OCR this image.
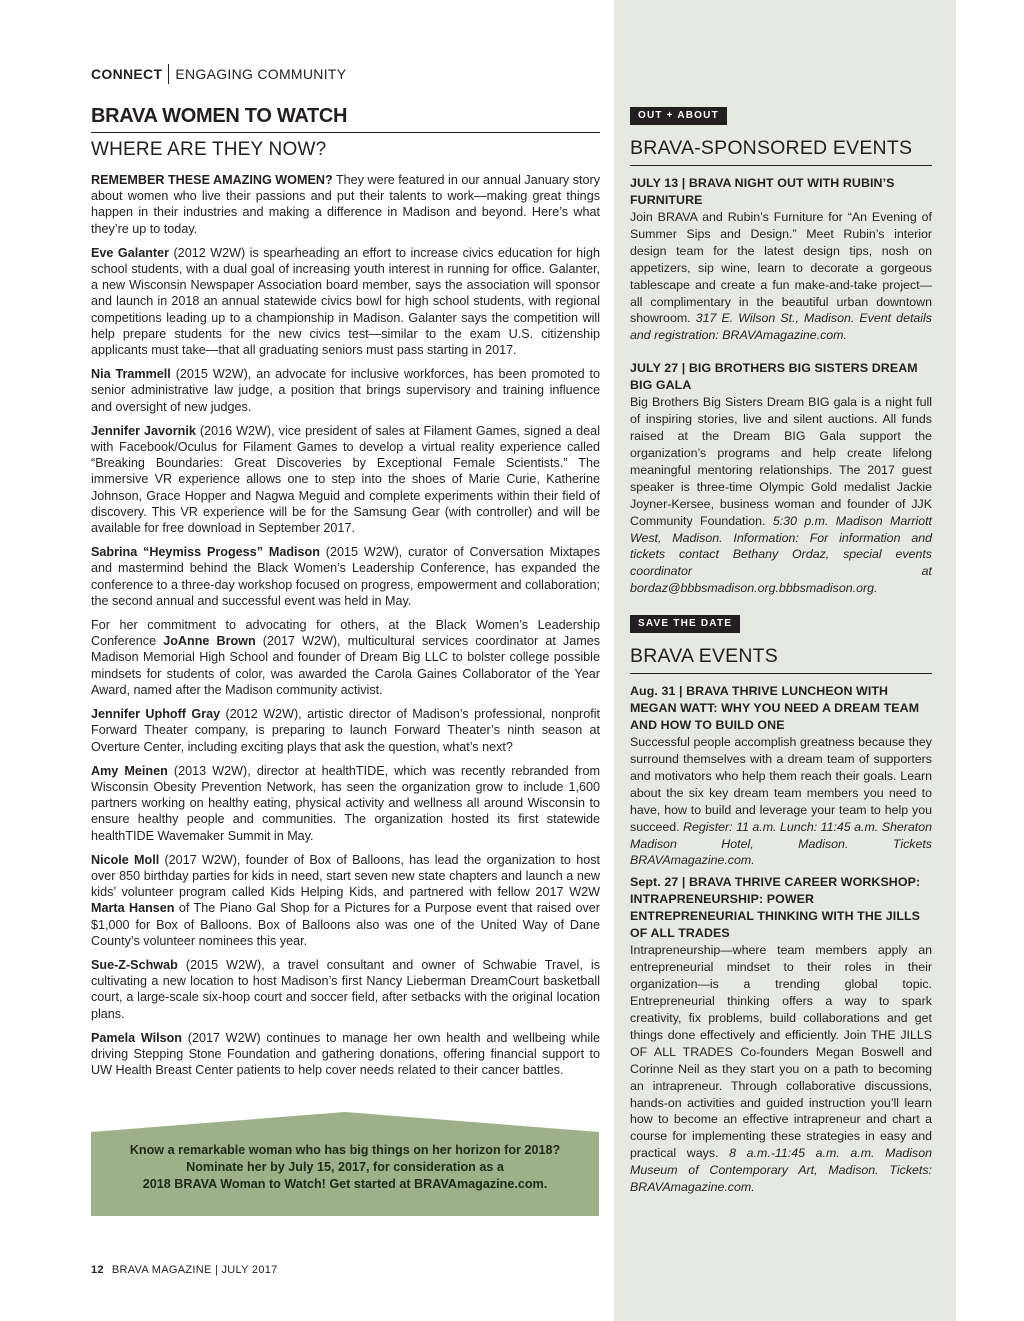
CONNECT ENGAGING COMMUNITY
BRAVA WOMEN TO WATCH
WHERE ARE THEY NOW?

REMEMBER THESE AMAZING WOMEN? They were featured in our annual January story about women who live their passions and put their talents to work—making great things happen in their industries and making a difference in Madison and beyond. Here’s what they’re up to today.

Eve Galanter (2012 W2W) is spearheading an effort to increase civics education for high school students, with a dual goal of increasing youth interest in running for office. Galanter, a new Wisconsin Newspaper Association board member, says the association will sponsor and launch in 2018 an annual statewide civics bowl for high school students, with regional competitions leading up to a championship in Madison. Galanter says the competition will help prepare students for the new civics test—similar to the exam U.S. citizenship applicants must take—that all graduating seniors must pass starting in 2017.

Nia Trammell (2015 W2W), an advocate for inclusive workforces, has been promoted to senior administrative law judge, a position that brings supervisory and training influence and oversight of new judges.

Jennifer Javornik (2016 W2W), vice president of sales at Filament Games, signed a deal with Facebook/Oculus for Filament Games to develop a virtual reality experience called “Breaking Boundaries: Great Discoveries by Exceptional Female Scientists.” The immersive VR experience allows one to step into the shoes of Marie Curie, Katherine Johnson, Grace Hopper and Nagwa Meguid and complete experiments within their field of discovery. This VR experience will be for the Samsung Gear (with controller) and will be available for free download in September 2017.

Sabrina “Heymiss Progess” Madison (2015 W2W), curator of Conversation Mixtapes and mastermind behind the Black Women’s Leadership Conference, has expanded the conference to a three-day workshop focused on progress, empowerment and collaboration; the second annual and successful event was held in May.

For her commitment to advocating for others, at the Black Women’s Leadership Conference JoAnne Brown (2017 W2W), multicultural services coordinator at James Madison Memorial High School and founder of Dream Big LLC to bolster college possible mindsets for students of color, was awarded the Carola Gaines Collaborator of the Year Award, named after the Madison community activist.

Jennifer Uphoff Gray (2012 W2W), artistic director of Madison’s professional, nonprofit Forward Theater company, is preparing to launch Forward Theater’s ninth season at Overture Center, including exciting plays that ask the question, what’s next?

Amy Meinen (2013 W2W), director at healthTIDE, which was recently rebranded from Wisconsin Obesity Prevention Network, has seen the organization grow to include 1,600 partners working on healthy eating, physical activity and wellness all around Wisconsin to ensure healthy people and communities. The organization hosted its first statewide healthTIDE Wavemaker Summit in May.

Nicole Moll (2017 W2W), founder of Box of Balloons, has lead the organization to host over 850 birthday parties for kids in need, start seven new state chapters and launch a new kids’ volunteer program called Kids Helping Kids, and partnered with fellow 2017 W2W Marta Hansen of The Piano Gal Shop for a Pictures for a Purpose event that raised over $1,000 for Box of Balloons. Box of Balloons also was one of the United Way of Dane County’s volunteer nominees this year.

Sue-Z-Schwab (2015 W2W), a travel consultant and owner of Schwabie Travel, is cultivating a new location to host Madison’s first Nancy Lieberman DreamCourt basketball court, a large-scale six-hoop court and soccer field, after setbacks with the original location plans.

Pamela Wilson (2017 W2W) continues to manage her own health and wellbeing while driving Stepping Stone Foundation and gathering donations, offering financial support to UW Health Breast Center patients to help cover needs related to their cancer battles.

Know a remarkable woman who has big things on her horizon for 2018?
Nominate her by July 15, 2017, for consideration as a
2018 BRAVA Woman to Watch! Get started at BRAVAmagazine.com.
12 BRAVA MAGAZINE | JULY 2017
OUT + ABOUT
BRAVA-SPONSORED EVENTS
JULY 13 | BRAVA NIGHT OUT WITH RUBIN’S FURNITURE
Join BRAVA and Rubin’s Furniture for “An Evening of Summer Sips and Design.” Meet Rubin’s interior design team for the latest design tips, nosh on appetizers, sip wine, learn to decorate a gorgeous tablescape and create a fun make-and-take project—all complimentary in the beautiful urban downtown showroom. 317 E. Wilson St., Madison. Event details and registration: BRAVAmagazine.com.
JULY 27 | BIG BROTHERS BIG SISTERS DREAM BIG GALA
Big Brothers Big Sisters Dream BIG gala is a night full of inspiring stories, live and silent auctions. All funds raised at the Dream BIG Gala support the organization’s programs and help create lifelong meaningful mentoring relationships. The 2017 guest speaker is three-time Olympic Gold medalist Jackie Joyner-Kersee, business woman and founder of JJK Community Foundation. 5:30 p.m. Madison Marriott West, Madison. Information: For information and tickets contact Bethany Ordaz, special events coordinator at bordaz@bbbsmadison.org.bbbsmadison.org.
SAVE THE DATE
BRAVA EVENTS
Aug. 31 | BRAVA THRIVE LUNCHEON WITH MEGAN WATT: WHY YOU NEED A DREAM TEAM AND HOW TO BUILD ONE
Successful people accomplish greatness because they surround themselves with a dream team of supporters and motivators who help them reach their goals. Learn about the six key dream team members you need to have, how to build and leverage your team to help you succeed. Register: 11 a.m. Lunch: 11:45 a.m. Sheraton Madison Hotel, Madison. Tickets BRAVAmagazine.com.
Sept. 27 | BRAVA THRIVE CAREER WORKSHOP: INTRAPRENEURSHIP: POWER ENTREPRENEURIAL THINKING WITH THE JILLS OF ALL TRADES
Intrapreneurship—where team members apply an entrepreneurial mindset to their roles in their organization—is a trending global topic. Entrepreneurial thinking offers a way to spark creativity, fix problems, build collaborations and get things done effectively and efficiently. Join THE JILLS OF ALL TRADES Co-founders Megan Boswell and Corinne Neil as they start you on a path to becoming an intrapreneur. Through collaborative discussions, hands-on activities and guided instruction you’ll learn how to become an effective intrapreneur and chart a course for implementing these strategies in easy and practical ways. 8 a.m.-11:45 a.m. a.m. Madison Museum of Contemporary Art, Madison. Tickets: BRAVAmagazine.com.
